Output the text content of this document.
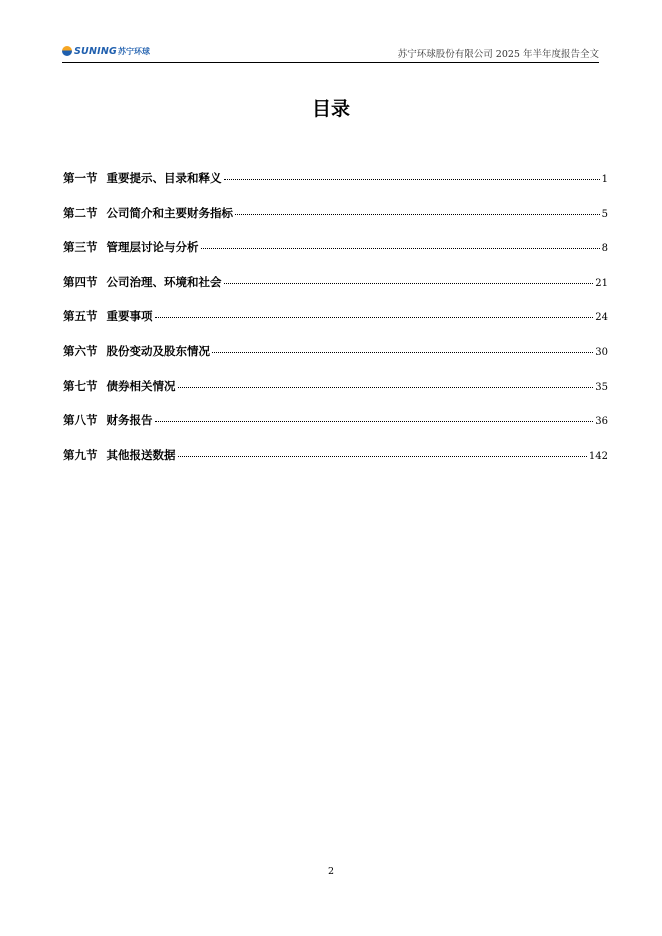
SUNING 苏宁环球	苏宁环球股份有限公司 2025 年半年度报告全文
目录
第一节 重要提示、目录和释义	1
第二节 公司简介和主要财务指标	5
第三节 管理层讨论与分析	8
第四节 公司治理、环境和社会	21
第五节 重要事项	24
第六节 股份变动及股东情况	30
第七节 债券相关情况	35
第八节 财务报告	36
第九节 其他报送数据	142
2
